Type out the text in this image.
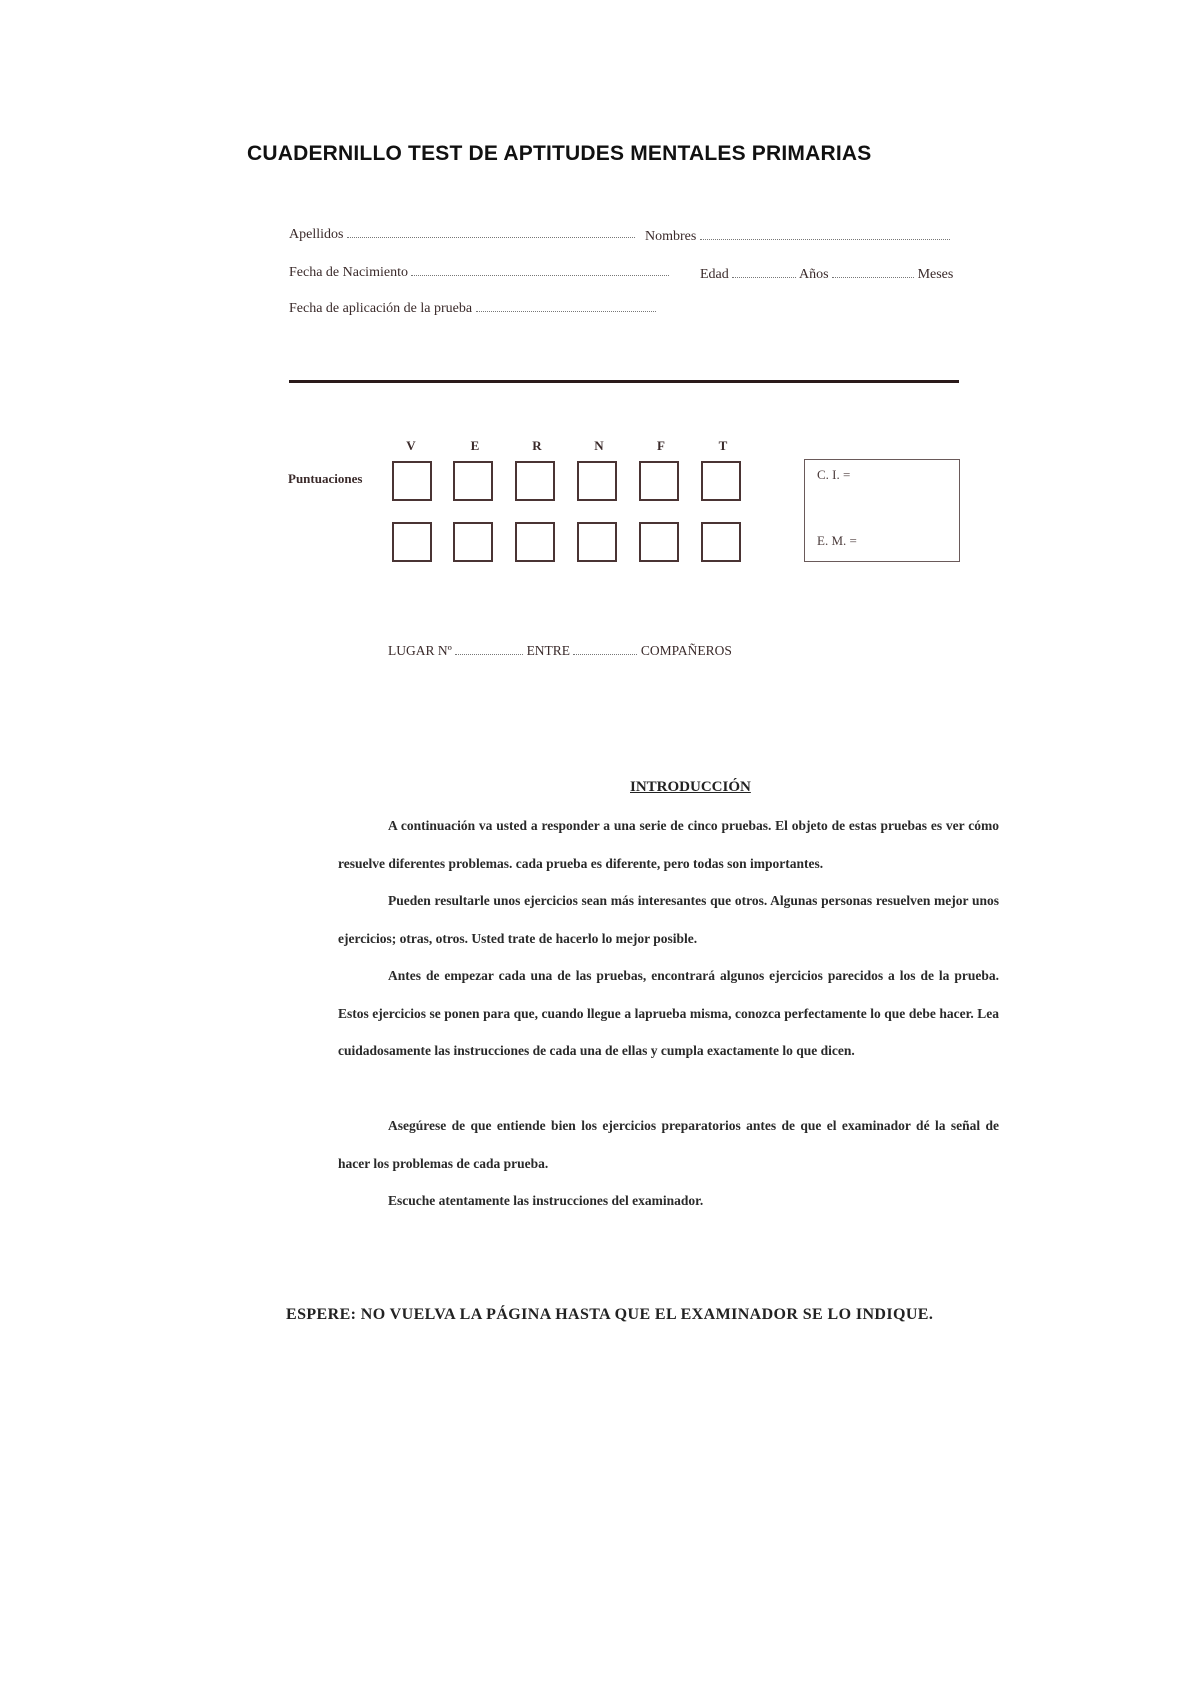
CUADERNILLO TEST DE APTITUDES MENTALES PRIMARIAS
Apellidos	Nombres
Fecha de Nacimiento	Edad	Años	Meses
Fecha de aplicación de la prueba
Puntuaciones
V	E	R	N	F	T
C. I. =
E. M. =
LUGAR Nº	ENTRE	COMPAÑEROS
INTRODUCCIÓN

A continuación va usted a responder a una serie de cinco pruebas. El objeto de estas pruebas es ver cómo resuelve diferentes problemas. cada prueba es diferente, pero todas son importantes.

Pueden resultarle unos ejercicios sean más interesantes que otros. Algunas personas resuelven mejor unos ejercicios; otras, otros. Usted trate de hacerlo lo mejor posible.

Antes de empezar cada una de las pruebas, encontrará algunos ejercicios parecidos a los de la prueba. Estos ejercicios se ponen para que, cuando llegue a laprueba misma, conozca perfectamente lo que debe hacer. Lea cuidadosamente las instrucciones de cada una de ellas y cumpla exactamente lo que dicen.

Asegúrese de que entiende bien los ejercicios preparatorios antes de que el examinador dé la señal de hacer los problemas de cada prueba.

Escuche atentamente las instrucciones del examinador.

ESPERE: NO VUELVA LA PÁGINA HASTA QUE EL EXAMINADOR SE LO INDIQUE.
